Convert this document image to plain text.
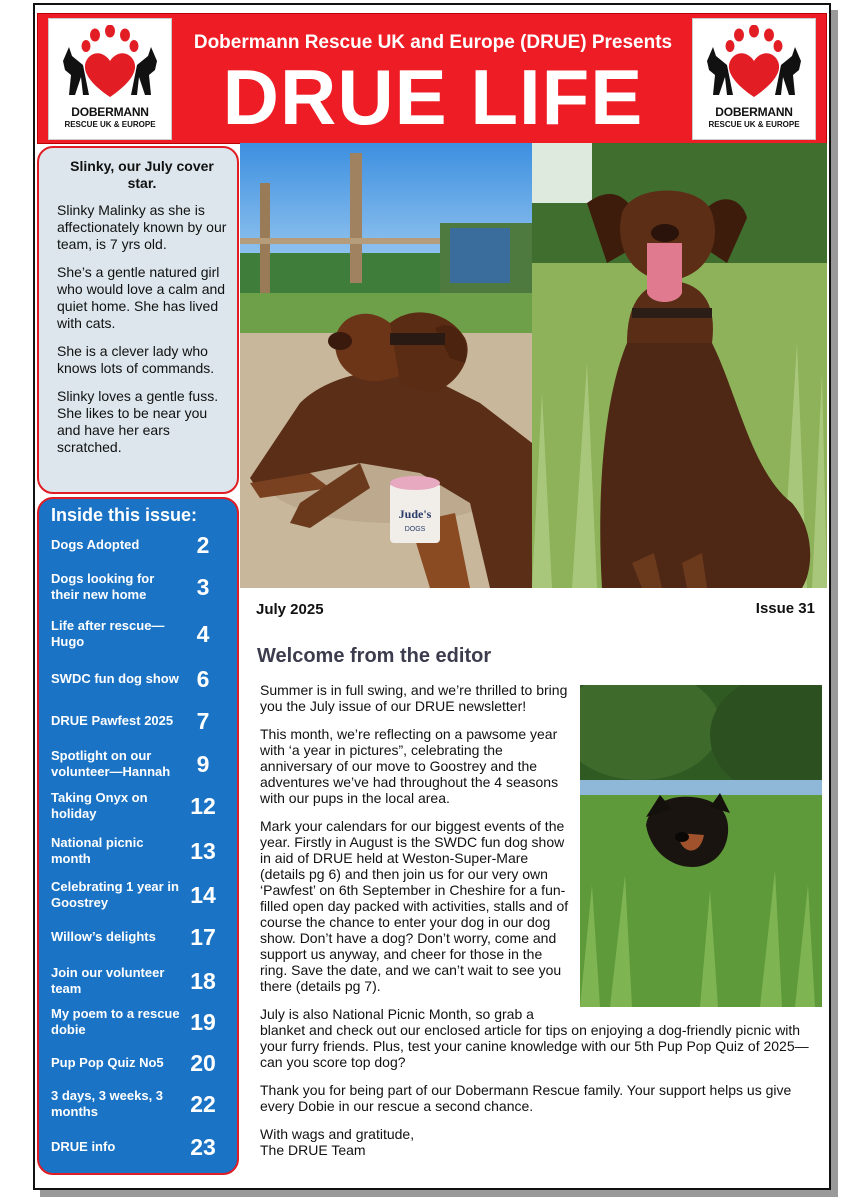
DOBERMANN
RESCUE UK & EUROPE
Dobermann Rescue UK and Europe (DRUE) Presents
DRUE LIFE	DOBERMANN
RESCUE UK & EUROPE
Slinky, our July cover star.

Slinky Malinky as she is affectionately known by our team, is 7 yrs old.

She’s a gentle natured girl who would love a calm and quiet home. She has lived with cats.

She is a clever lady who knows lots of commands.

Slinky loves a gentle fuss. She likes to be near you and have her ears scratched.

Inside this issue:
Dogs Adopted	2
Dogs looking for their new home	3
Life after rescue—Hugo	4
SWDC fun dog show 6
DRUE Pawfest 2025	7
Spotlight on our volunteer—Hannah	9
Taking Onyx on holiday	12
National picnic month	13
Celebrating 1 year in Goostrey	14
Willow’s delights	17
Join our volunteer team	18
My poem to a rescue dobie	19
Pup Pop Quiz No5	20
3 days, 3 weeks, 3 months	22
DRUE info	23
Jude's
DOGS
July 2025	Issue 31
Welcome from the editor

Summer is in full swing, and we’re thrilled to bring you the July issue of our DRUE newsletter!

This month, we’re reflecting on a pawsome year with ‘a year in pictures”, celebrating the anniversary of our move to Goostrey and the adventures we’ve had throughout the 4 seasons with our pups in the local area.

Mark your calendars for our biggest events of the year. Firstly in August is the SWDC fun dog show in aid of DRUE held at Weston-Super-Mare (details pg 6) and then join us for our very own ‘Pawfest’ on 6th September in Cheshire for a fun-filled open day packed with activities, stalls and of course the chance to enter your dog in our dog show. Don’t have a dog? Don’t worry, come and support us anyway, and cheer for those in the ring. Save the date, and we can’t wait to see you there (details pg 7).

July is also National Picnic Month, so grab a blanket and check out our enclosed article for tips on enjoying a dog-friendly picnic with your furry friends. Plus, test your canine knowledge with our 5th Pup Pop Quiz of 2025—can you score top dog?

Thank you for being part of our Dobermann Rescue family. Your support helps us give every Dobie in our rescue a second chance.

With wags and gratitude,

The DRUE Team
